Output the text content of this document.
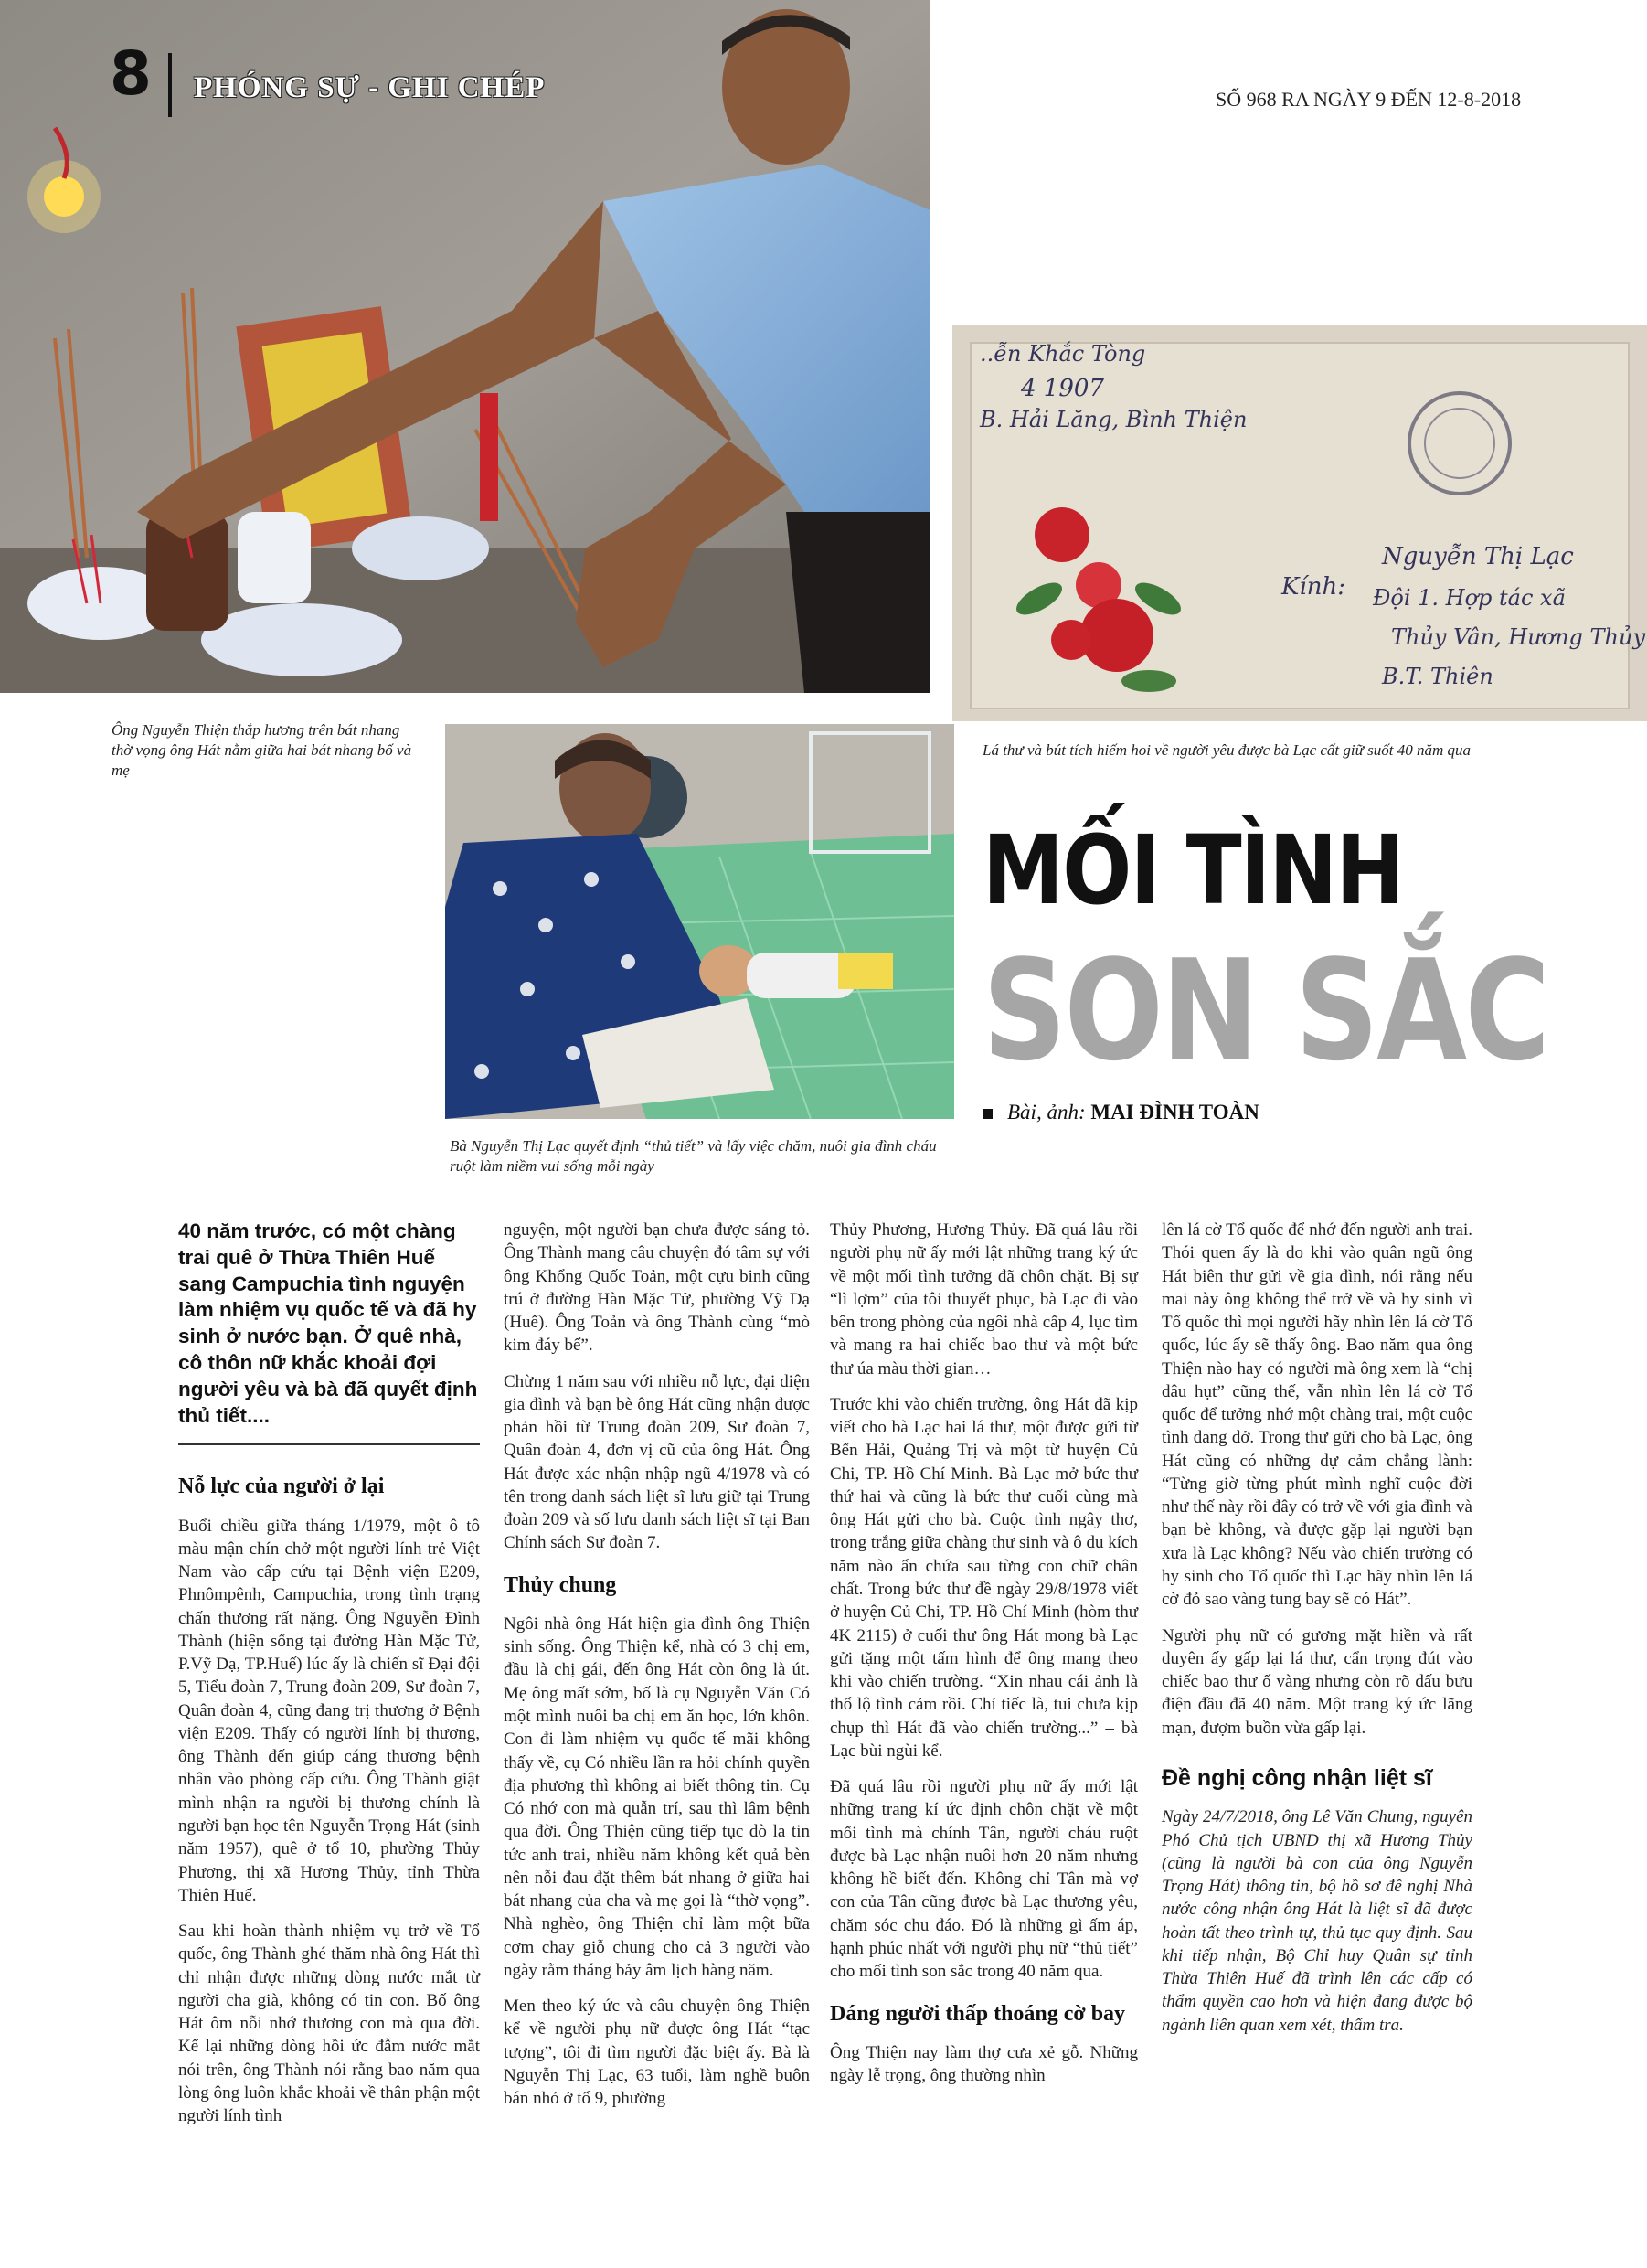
..ễn Khắc Tòng
4 1907
B. Hải Lăng, Bình Thiện
Kính:
Nguyễn Thị Lạc
Đội 1. Hợp tác xã
Thủy Vân, Hương Thủy
B.T. Thiên
8 PHÓNG SỰ - GHI CHÉP	SỐ 968 RA NGÀY 9 ĐẾN 12-8-2018
Ông Nguyễn Thiện thắp hương trên bát nhang thờ vọng ông Hát nằm giữa hai bát nhang bố và mẹ
Lá thư và bút tích hiếm hoi về người yêu được bà Lạc cất giữ suốt 40 năm qua
Bà Nguyễn Thị Lạc quyết định “thủ tiết” và lấy việc chăm, nuôi gia đình cháu ruột làm niềm vui sống mỗi ngày
MỐI TÌNH
SON SẮC
Bài, ảnh: MAI ĐÌNH TOÀN

40 năm trước, có một chàng trai quê ở Thừa Thiên Huế sang Campuchia tình nguyện làm nhiệm vụ quốc tế và đã hy sinh ở nước bạn. Ở quê nhà, cô thôn nữ khắc khoải đợi người yêu và bà đã quyết định thủ tiết....

Nỗ lực của người ở lại

Buổi chiều giữa tháng 1/1979, một ô tô màu mận chín chở một người lính trẻ Việt Nam vào cấp cứu tại Bệnh viện E209, Phnômpênh, Campuchia, trong tình trạng chấn thương rất nặng. Ông Nguyễn Đình Thành (hiện sống tại đường Hàn Mặc Tử, P.Vỹ Dạ, TP.Huế) lúc ấy là chiến sĩ Đại đội 5, Tiểu đoàn 7, Trung đoàn 209, Sư đoàn 7, Quân đoàn 4, cũng đang trị thương ở Bệnh viện E209. Thấy có người lính bị thương, ông Thành đến giúp cáng thương bệnh nhân vào phòng cấp cứu. Ông Thành giật mình nhận ra người bị thương chính là người bạn học tên Nguyễn Trọng Hát (sinh năm 1957), quê ở tổ 10, phường Thủy Phương, thị xã Hương Thủy, tỉnh Thừa Thiên Huế.

Sau khi hoàn thành nhiệm vụ trở về Tổ quốc, ông Thành ghé thăm nhà ông Hát thì chỉ nhận được những dòng nước mắt từ người cha già, không có tin con. Bố ông Hát ôm nỗi nhớ thương con mà qua đời. Kể lại những dòng hồi ức đẫm nước mắt nói trên, ông Thành nói rằng bao năm qua lòng ông luôn khắc khoải về thân phận một người lính tình

nguyện, một người bạn chưa được sáng tỏ. Ông Thành mang câu chuyện đó tâm sự với ông Khổng Quốc Toản, một cựu binh cũng trú ở đường Hàn Mặc Tử, phường Vỹ Dạ (Huế). Ông Toản và ông Thành cùng “mò kim đáy bể”.

Chừng 1 năm sau với nhiều nỗ lực, đại diện gia đình và bạn bè ông Hát cũng nhận được phản hồi từ Trung đoàn 209, Sư đoàn 7, Quân đoàn 4, đơn vị cũ của ông Hát. Ông Hát được xác nhận nhập ngũ 4/1978 và có tên trong danh sách liệt sĩ lưu giữ tại Trung đoàn 209 và số lưu danh sách liệt sĩ tại Ban Chính sách Sư đoàn 7.

Thủy chung

Ngôi nhà ông Hát hiện gia đình ông Thiện sinh sống. Ông Thiện kể, nhà có 3 chị em, đầu là chị gái, đến ông Hát còn ông là út. Mẹ ông mất sớm, bố là cụ Nguyễn Văn Có một mình nuôi ba chị em ăn học, lớn khôn. Con đi làm nhiệm vụ quốc tế mãi không thấy về, cụ Có nhiều lần ra hỏi chính quyền địa phương thì không ai biết thông tin. Cụ Có nhớ con mà quẫn trí, sau thì lâm bệnh qua đời. Ông Thiện cũng tiếp tục dò la tin tức anh trai, nhiều năm không kết quả bèn nên nỗi đau đặt thêm bát nhang ở giữa hai bát nhang của cha và mẹ gọi là “thờ vọng”. Nhà nghèo, ông Thiện chỉ làm một bữa cơm chay giỗ chung cho cả 3 người vào ngày rằm tháng bảy âm lịch hàng năm.

Men theo ký ức và câu chuyện ông Thiện kể về người phụ nữ được ông Hát “tạc tượng”, tôi đi tìm người đặc biệt ấy. Bà là Nguyễn Thị Lạc, 63 tuổi, làm nghề buôn bán nhỏ ở tổ 9, phường

Thủy Phương, Hương Thủy. Đã quá lâu rồi người phụ nữ ấy mới lật những trang ký ức về một mối tình tưởng đã chôn chặt. Bị sự “lì lợm” của tôi thuyết phục, bà Lạc đi vào bên trong phòng của ngôi nhà cấp 4, lục tìm và mang ra hai chiếc bao thư và một bức thư úa màu thời gian…

Trước khi vào chiến trường, ông Hát đã kịp viết cho bà Lạc hai lá thư, một được gửi từ Bến Hải, Quảng Trị và một từ huyện Củ Chi, TP. Hồ Chí Minh. Bà Lạc mở bức thư thứ hai và cũng là bức thư cuối cùng mà ông Hát gửi cho bà. Cuộc tình ngây thơ, trong trắng giữa chàng thư sinh và ô du kích năm nào ẩn chứa sau từng con chữ chân chất. Trong bức thư đề ngày 29/8/1978 viết ở huyện Củ Chi, TP. Hồ Chí Minh (hòm thư 4K 2115) ở cuối thư ông Hát mong bà Lạc gửi tặng một tấm hình để ông mang theo khi vào chiến trường. “Xin nhau cái ảnh là thổ lộ tình cảm rồi. Chỉ tiếc là, tui chưa kịp chụp thì Hát đã vào chiến trường...” – bà Lạc bùi ngùi kể.

Đã quá lâu rồi người phụ nữ ấy mới lật những trang kí ức định chôn chặt về một mối tình mà chính Tân, người cháu ruột được bà Lạc nhận nuôi hơn 20 năm nhưng không hề biết đến. Không chỉ Tân mà vợ con của Tân cũng được bà Lạc thương yêu, chăm sóc chu đáo. Đó là những gì ấm áp, hạnh phúc nhất với người phụ nữ “thủ tiết” cho mối tình son sắc trong 40 năm qua.

Dáng người thấp thoáng cờ bay

Ông Thiện nay làm thợ cưa xẻ gỗ. Những ngày lễ trọng, ông thường nhìn

lên lá cờ Tổ quốc để nhớ đến người anh trai. Thói quen ấy là do khi vào quân ngũ ông Hát biên thư gửi về gia đình, nói rằng nếu mai này ông không thể trở về và hy sinh vì Tổ quốc thì mọi người hãy nhìn lên lá cờ Tổ quốc, lúc ấy sẽ thấy ông. Bao năm qua ông Thiện nào hay có người mà ông xem là “chị dâu hụt” cũng thế, vẫn nhìn lên lá cờ Tổ quốc để tưởng nhớ một chàng trai, một cuộc tình dang dở. Trong thư gửi cho bà Lạc, ông Hát cũng có những dự cảm chẳng lành: “Từng giờ từng phút mình nghĩ cuộc đời như thế này rồi đây có trở về với gia đình và bạn bè không, và được gặp lại người bạn xưa là Lạc không? Nếu vào chiến trường có hy sinh cho Tổ quốc thì Lạc hãy nhìn lên lá cờ đỏ sao vàng tung bay sẽ có Hát”.

Người phụ nữ có gương mặt hiền và rất duyên ấy gấp lại lá thư, cẩn trọng đút vào chiếc bao thư ố vàng nhưng còn rõ dấu bưu điện đầu đã 40 năm. Một trang ký ức lãng mạn, đượm buồn vừa gấp lại.

Đề nghị công nhận liệt sĩ

Ngày 24/7/2018, ông Lê Văn Chung, nguyên Phó Chủ tịch UBND thị xã Hương Thủy (cũng là người bà con của ông Nguyễn Trọng Hát) thông tin, bộ hồ sơ đề nghị Nhà nước công nhận ông Hát là liệt sĩ đã được hoàn tất theo trình tự, thủ tục quy định. Sau khi tiếp nhận, Bộ Chỉ huy Quân sự tỉnh Thừa Thiên Huế đã trình lên các cấp có thẩm quyền cao hơn và hiện đang được bộ ngành liên quan xem xét, thẩm tra.
